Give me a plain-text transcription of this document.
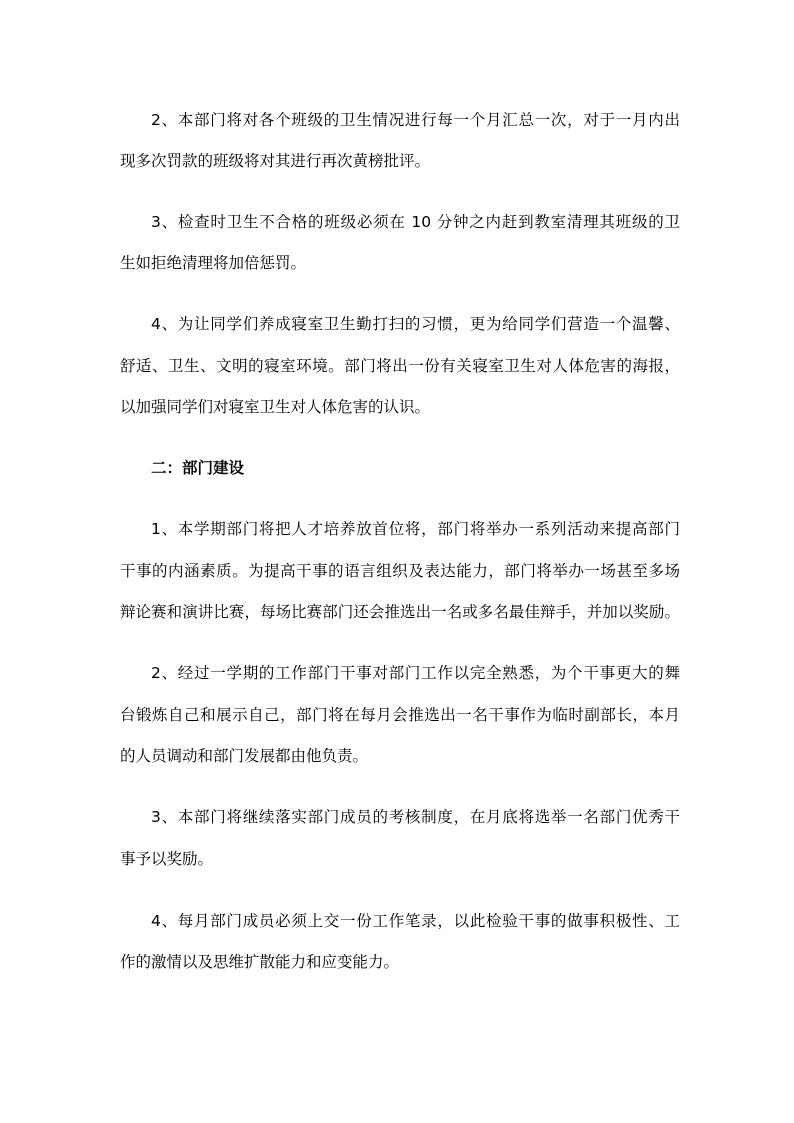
2、本部门将对各个班级的卫生情况进行每一个月汇总一次，对于一月内出
现多次罚款的班级将对其进行再次黄榜批评。
3、检查时卫生不合格的班级必须在 10 分钟之内赶到教室清理其班级的卫
生如拒绝清理将加倍惩罚。
4、为让同学们养成寝室卫生勤打扫的习惯，更为给同学们营造一个温馨、
舒适、卫生、文明的寝室环境。部门将出一份有关寝室卫生对人体危害的海报，
以加强同学们对寝室卫生对人体危害的认识。
二：部门建设
1、本学期部门将把人才培养放首位将，部门将举办一系列活动来提高部门
干事的内涵素质。为提高干事的语言组织及表达能力，部门将举办一场甚至多场
辩论赛和演讲比赛，每场比赛部门还会推选出一名或多名最佳辩手，并加以奖励。
2、经过一学期的工作部门干事对部门工作以完全熟悉，为个干事更大的舞
台锻炼自己和展示自己，部门将在每月会推选出一名干事作为临时副部长，本月
的人员调动和部门发展都由他负责。
3、本部门将继续落实部门成员的考核制度，在月底将选举一名部门优秀干
事予以奖励。
4、每月部门成员必须上交一份工作笔录，以此检验干事的做事积极性、工
作的激情以及思维扩散能力和应变能力。
